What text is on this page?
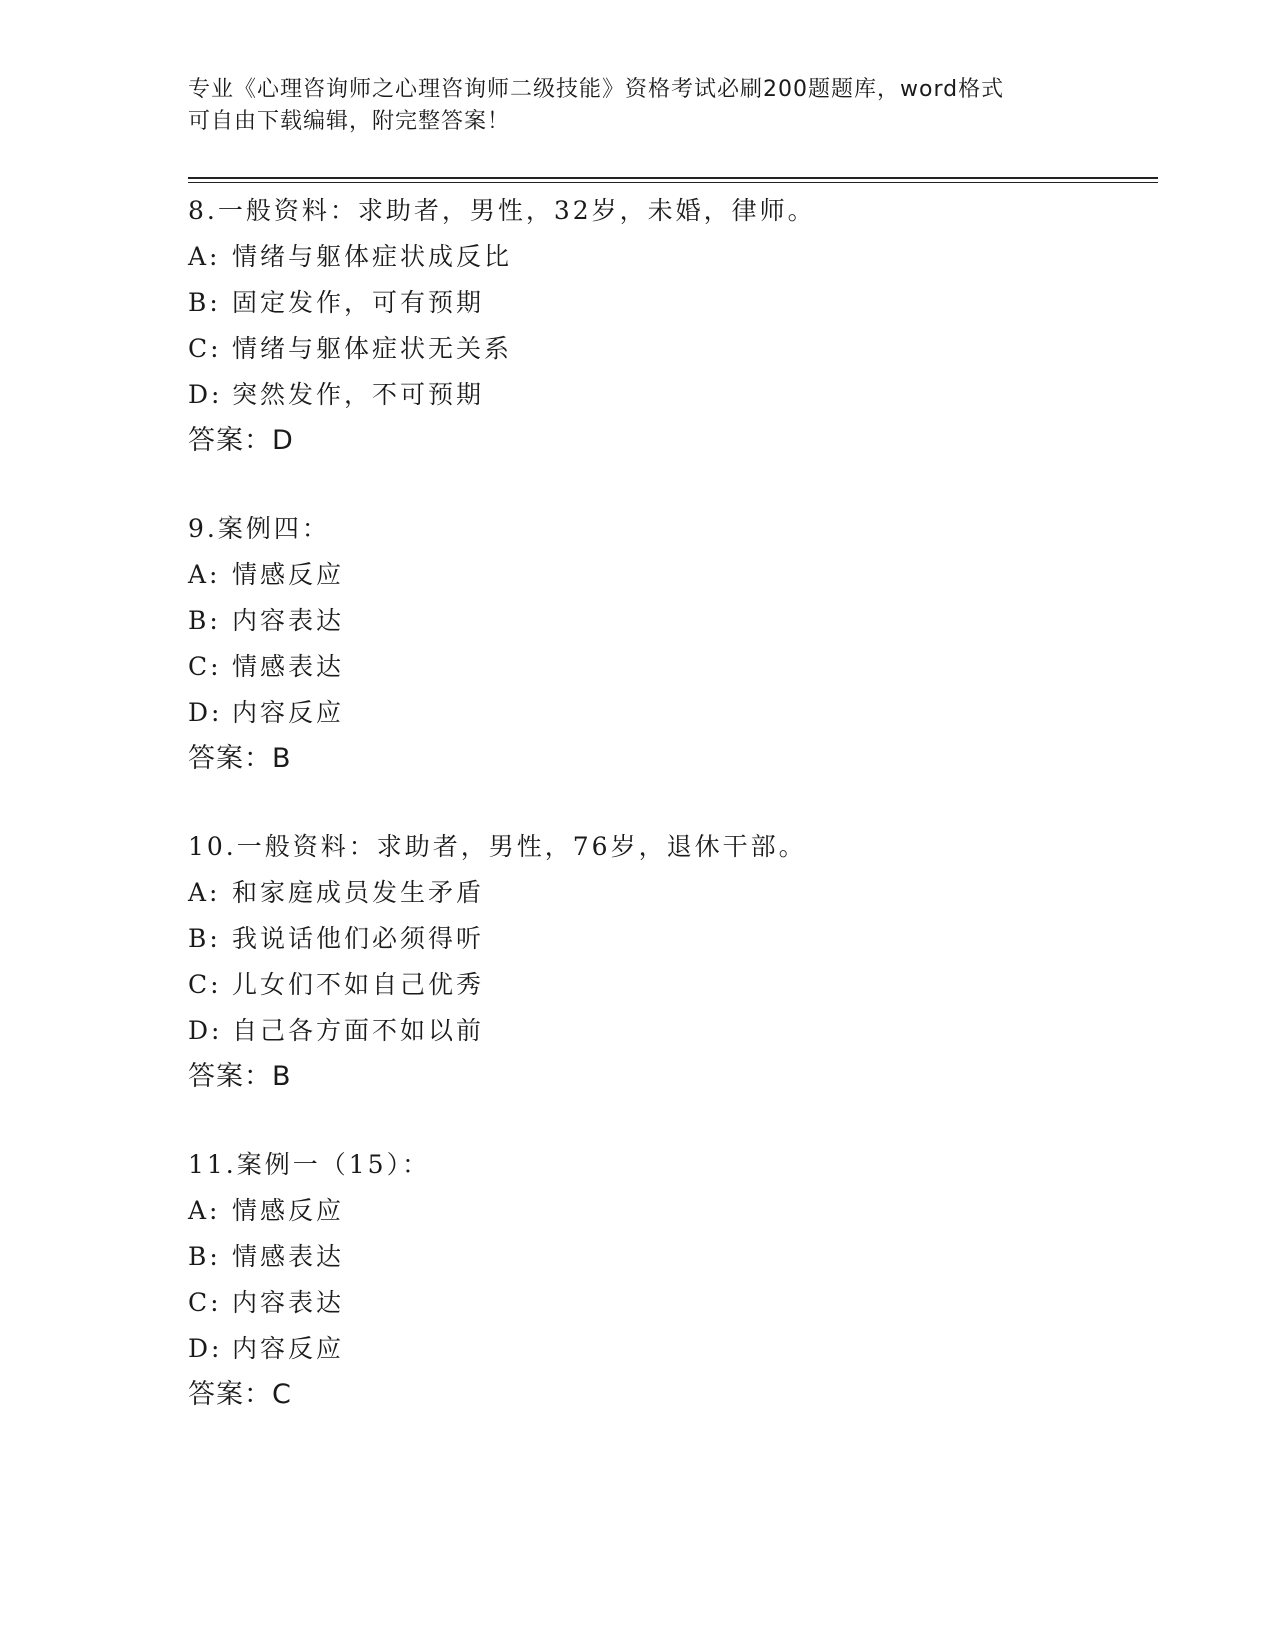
专业《心理咨询师之心理咨询师二级技能》资格考试必刷200题题库，word格式
可自由下载编辑，附完整答案！
8.一般资料：求助者，男性，32岁，未婚，律师。
A: 情绪与躯体症状成反比
B: 固定发作，可有预期
C: 情绪与躯体症状无关系
D: 突然发作，不可预期
答案：D
9.案例四：
A: 情感反应
B: 内容表达
C: 情感表达
D: 内容反应
答案：B
10.一般资料：求助者，男性，76岁，退休干部。
A: 和家庭成员发生矛盾
B: 我说话他们必须得听
C: 儿女们不如自己优秀
D: 自己各方面不如以前
答案：B
11.案例一（15）：
A: 情感反应
B: 情感表达
C: 内容表达
D: 内容反应
答案：C
